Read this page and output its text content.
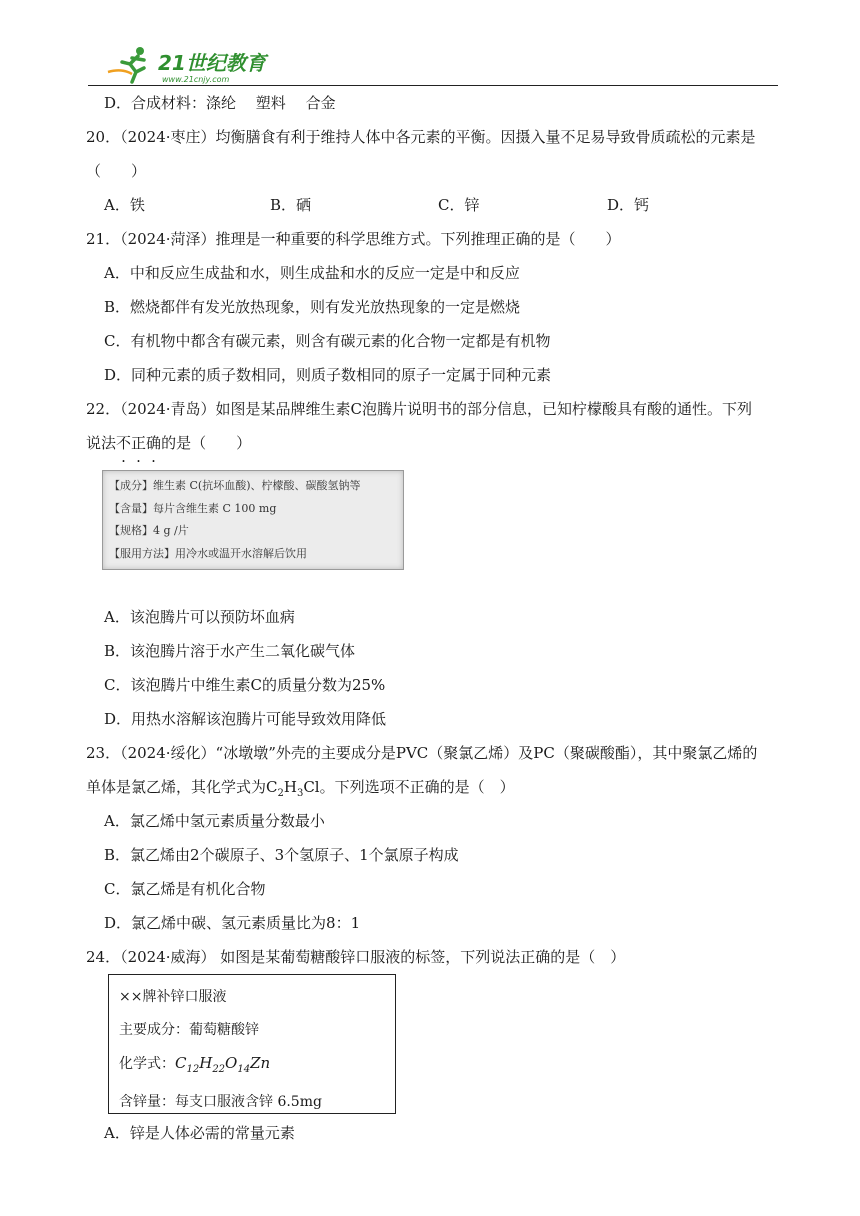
21世纪教育
www.21cnjy.com
D．合成材料：涤纶　 塑料　 合金
20．（2024·枣庄）均衡膳食有利于维持人体中各元素的平衡。因摄入量不足易导致骨质疏松的元素是
（　　）
A．铁	B．硒	C．锌	D．钙
21．（2024·菏泽）推理是一种重要的科学思维方式。下列推理正确的是（　　）
A．中和反应生成盐和水，则生成盐和水的反应一定是中和反应
B．燃烧都伴有发光放热现象，则有发光放热现象的一定是燃烧
C．有机物中都含有碳元素，则含有碳元素的化合物一定都是有机物
D．同种元素的质子数相同，则质子数相同的原子一定属于同种元素
22．（2024·青岛）如图是某品牌维生素C泡腾片说明书的部分信息，已知柠檬酸具有酸的通性。下列
说法不正确的是（　　）
【成分】维生素 C(抗坏血酸)、柠檬酸、碳酸氢钠等
【含量】每片含维生素 C 100 mg
【规格】4 g /片
【服用方法】用冷水或温开水溶解后饮用
A．该泡腾片可以预防坏血病
B．该泡腾片溶于水产生二氧化碳气体
C．该泡腾片中维生素C的质量分数为25%
D．用热水溶解该泡腾片可能导致效用降低
23．（2024·绥化）“冰墩墩”外壳的主要成分是PVC（聚氯乙烯）及PC（聚碳酸酯），其中聚氯乙烯的
单体是氯乙烯，其化学式为$C_2H_3Cl$。下列选项不正确的是（　）
A．氯乙烯中氢元素质量分数最小
B．氯乙烯由2个碳原子、3个氢原子、1个氯原子构成
C．氯乙烯是有机化合物
D．氯乙烯中碳、氢元素质量比为8：1
24．（2024·威海） 如图是某葡萄糖酸锌口服液的标签，下列说法正确的是（　）
××牌补锌口服液
主要成分：葡萄糖酸锌
化学式：$C_{12}H_{22}O_{14}Zn$
含锌量：每支口服液含锌 6.5mg
A．锌是人体必需的常量元素
